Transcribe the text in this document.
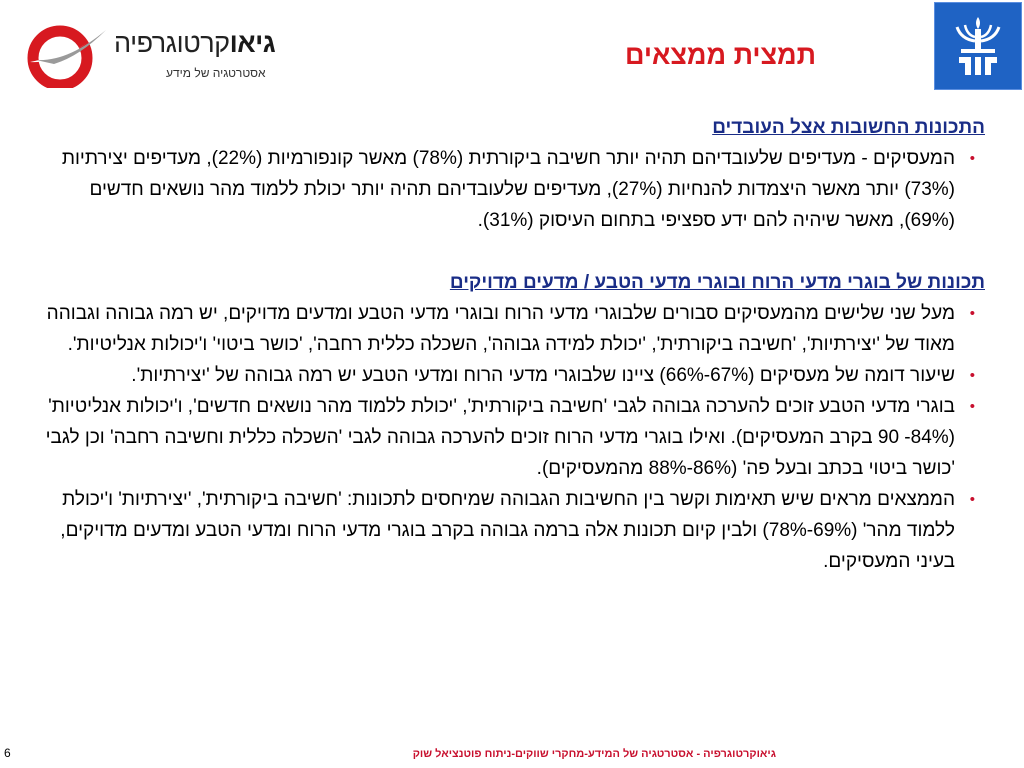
גיאוקרטוגרפיה
אסטרטגיה של מידע
תמצית ממצאים
התכונות החשובות אצל העובדים
•
המעסיקים - מעדיפים שלעובדיהם תהיה יותר חשיבה ביקורתית (78%) מאשר קונפורמיות (22%), מעדיפים יצירתיות (73%) יותר מאשר היצמדות להנחיות (27%), מעדיפים שלעובדיהם תהיה יותר יכולת ללמוד מהר נושאים חדשים (69%), מאשר שיהיה להם ידע ספציפי בתחום העיסוק (31%).
תכונות של בוגרי מדעי הרוח ובוגרי מדעי הטבע / מדעים מדויקים
•
מעל שני שלישים מהמעסיקים סבורים שלבוגרי מדעי הרוח ובוגרי מדעי הטבע ומדעים מדויקים, יש רמה גבוהה וגבוהה מאוד של 'יצירתיות', 'חשיבה ביקורתית', 'יכולת למידה גבוהה', השכלה כללית רחבה', 'כושר ביטוי' ו'יכולות אנליטיות'.
•
שיעור דומה של מעסיקים (67%-66%) ציינו שלבוגרי מדעי הרוח ומדעי הטבע יש רמה גבוהה של 'יצירתיות'.
•
בוגרי מדעי הטבע זוכים להערכה גבוהה לגבי 'חשיבה ביקורתית', 'יכולת ללמוד מהר נושאים חדשים', ו'יכולות אנליטיות' (84%- 90 בקרב המעסיקים). ואילו בוגרי מדעי הרוח זוכים להערכה גבוהה לגבי 'השכלה כללית וחשיבה רחבה' וכן לגבי 'כושר ביטוי בכתב ובעל פה' (86%-88% מהמעסיקים).
•
הממצאים מראים שיש תאימות וקשר בין החשיבות הגבוהה שמיחסים לתכונות: 'חשיבה ביקורתית', 'יצירתיות' ו'יכולת ללמוד מהר' (69%-78%) ולבין קיום תכונות אלה ברמה גבוהה בקרב בוגרי מדעי הרוח ומדעי הטבע ומדעים מדויקים, בעיני המעסיקים.
גיאוקרטוגרפיה - אסטרטגיה של המידע-מחקרי שווקים-ניתוח פוטנציאל שוק
6
